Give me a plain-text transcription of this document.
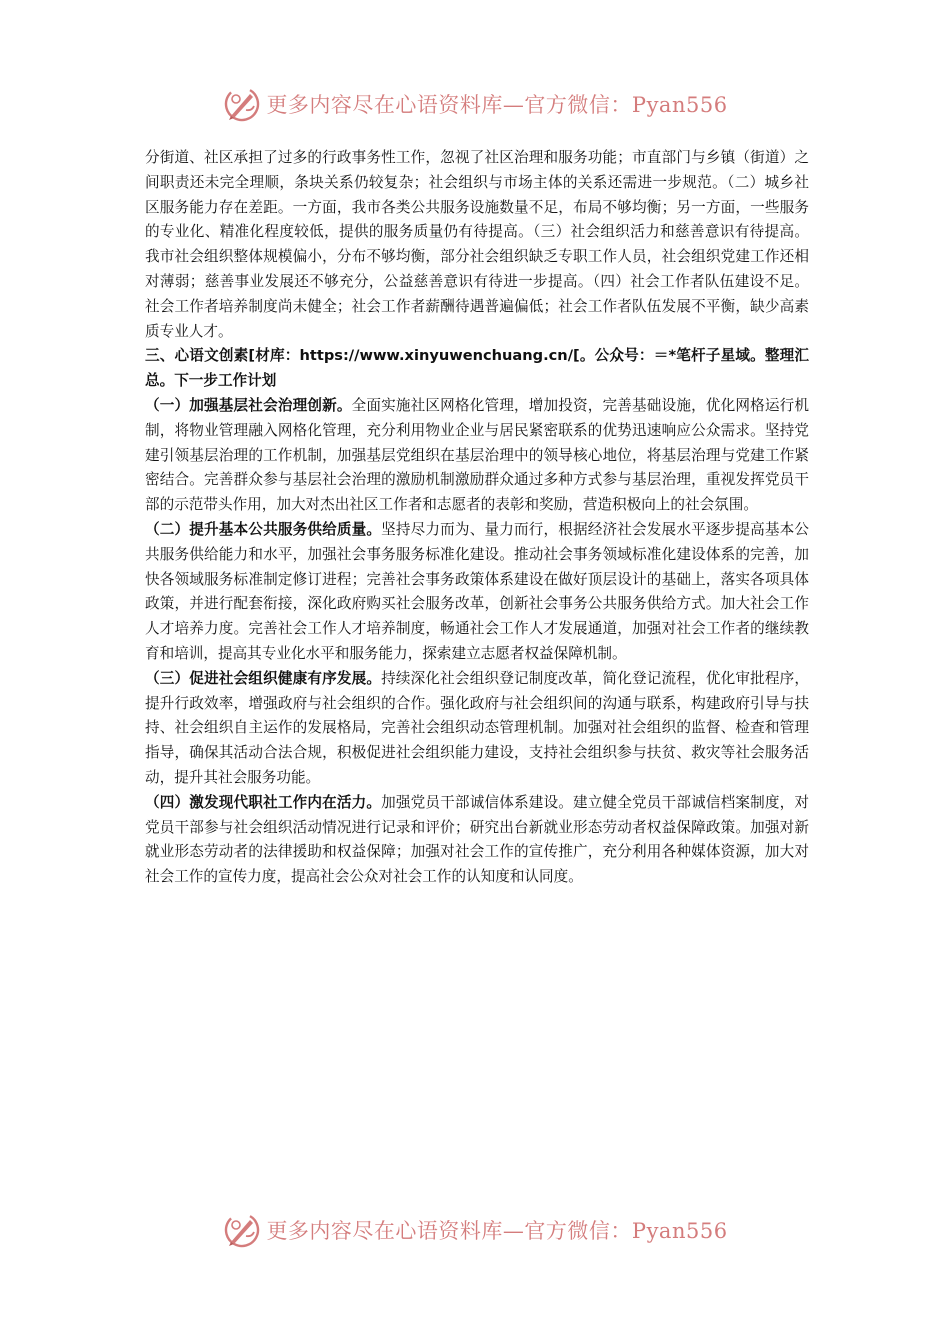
更多内容尽在心语资料库—官方微信：Pyan556

分街道、社区承担了过多的行政事务性工作，忽视了社区治理和服务功能；市直部门与乡镇（街道）之间职责还未完全理顺，条块关系仍较复杂；社会组织与市场主体的关系还需进一步规范。（二）城乡社区服务能力存在差距。一方面，我市各类公共服务设施数量不足，布局不够均衡；另一方面，一些服务的专业化、精准化程度较低，提供的服务质量仍有待提高。（三）社会组织活力和慈善意识有待提高。我市社会组织整体规模偏小，分布不够均衡，部分社会组织缺乏专职工作人员，社会组织党建工作还相对薄弱；慈善事业发展还不够充分，公益慈善意识有待进一步提高。（四）社会工作者队伍建设不足。社会工作者培养制度尚未健全；社会工作者薪酬待遇普遍偏低；社会工作者队伍发展不平衡，缺少高素质专业人才。

三、心语文创素[材库：https://www.xinyuwenchuang.cn/[。公众号：＝*笔杆子星域。整理汇总。下一步工作计划

（一）加强基层社会治理创新。全面实施社区网格化管理，增加投资，完善基础设施，优化网格运行机制，将物业管理融入网格化管理，充分利用物业企业与居民紧密联系的优势迅速响应公众需求。坚持党建引领基层治理的工作机制，加强基层党组织在基层治理中的领导核心地位，将基层治理与党建工作紧密结合。完善群众参与基层社会治理的激励机制激励群众通过多种方式参与基层治理，重视发挥党员干部的示范带头作用，加大对杰出社区工作者和志愿者的表彰和奖励，营造积极向上的社会氛围。

（二）提升基本公共服务供给质量。坚持尽力而为、量力而行，根据经济社会发展水平逐步提高基本公共服务供给能力和水平，加强社会事务服务标准化建设。推动社会事务领域标准化建设体系的完善，加快各领域服务标准制定修订进程；完善社会事务政策体系建设在做好顶层设计的基础上，落实各项具体政策，并进行配套衔接，深化政府购买社会服务改革，创新社会事务公共服务供给方式。加大社会工作人才培养力度。完善社会工作人才培养制度，畅通社会工作人才发展通道，加强对社会工作者的继续教育和培训，提高其专业化水平和服务能力，探索建立志愿者权益保障机制。

（三）促进社会组织健康有序发展。持续深化社会组织登记制度改革，简化登记流程，优化审批程序，提升行政效率，增强政府与社会组织的合作。强化政府与社会组织间的沟通与联系，构建政府引导与扶持、社会组织自主运作的发展格局，完善社会组织动态管理机制。加强对社会组织的监督、检查和管理指导，确保其活动合法合规，积极促进社会组织能力建设，支持社会组织参与扶贫、救灾等社会服务活动，提升其社会服务功能。

（四）激发现代职社工作内在活力。加强党员干部诚信体系建设。建立健全党员干部诚信档案制度，对党员干部参与社会组织活动情况进行记录和评价；研究出台新就业形态劳动者权益保障政策。加强对新就业形态劳动者的法律援助和权益保障；加强对社会工作的宣传推广，充分利用各种媒体资源，加大对社会工作的宣传力度，提高社会公众对社会工作的认知度和认同度。

更多内容尽在心语资料库—官方微信：Pyan556
